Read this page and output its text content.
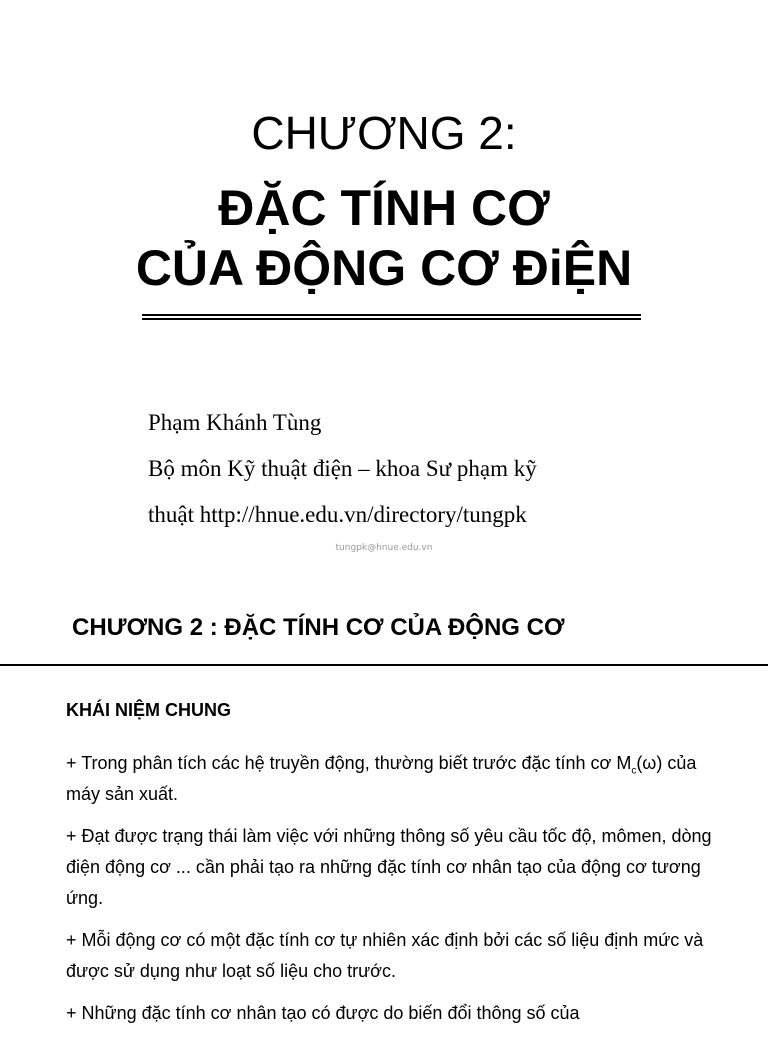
CHƯƠNG 2:
ĐẶC TÍNH CƠ
CỦA ĐỘNG CƠ ĐiỆN
Phạm Khánh Tùng
Bộ môn Kỹ thuật điện – khoa Sư phạm kỹ
thuật http://hnue.edu.vn/directory/tungpk
tungpk@hnue.edu.vn
CHƯƠNG 2 : ĐẶC TÍNH CƠ CỦA ĐỘNG CƠ
KHÁI NIỆM CHUNG

+ Trong phân tích các hệ truyền động, thường biết trước đặc tính cơ $M_c(\omega)$ của máy sản xuất.

+ Đạt được trạng thái làm việc với những thông số yêu cầu tốc độ, mômen, dòng điện động cơ ... cần phải tạo ra những đặc tính cơ nhân tạo của động cơ tương ứng.

+ Mỗi động cơ có một đặc tính cơ tự nhiên xác định bởi các số liệu định mức và được sử dụng như loạt số liệu cho trước.

+ Những đặc tính cơ nhân tạo có được do biến đổi thông số của
